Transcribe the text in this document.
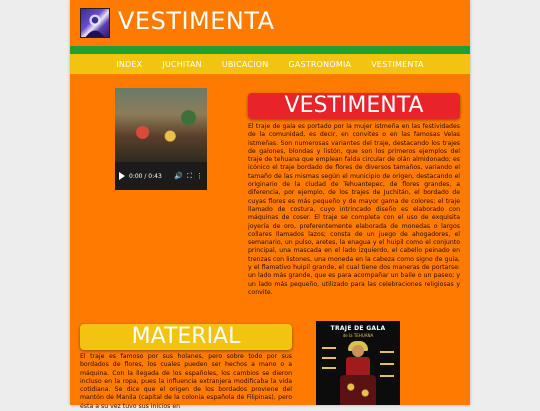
VESTIMENTA
INDEX	JUCHITAN	UBICACION	GASTRONOMIA	VESTIMENTA
0:00 / 0:43	🔊 ⛶ ⋮
VESTIMENTA

El traje de gala es portado por la mujer istmeña en las festividades de la comunidad, es decir, en convites o en las famosas Velas istmeñas. Son numerosas variantes del traje, destacando los trajes de galones, blondas y listón, que son los primeros ejemplos del traje de tehuana que emplean falda circular de olán almidonado; es icónico el traje bordado de flores de diversos tamaños, variando el tamaño de las mismas según el municipio de origen, destacando el originario de la ciudad de Tehuantepec, de flores grandes, a diferencia, por ejemplo, de los trajes de Juchitán, el bordado de cuyas flores es más pequeño y de mayor gama de colores; el traje llamado de costura, cuyo intrincado diseño es elaborado con máquinas de coser. El traje se completa con el uso de exquisita joyería de oro, preferentemente elaborada de monedas o largos collares llamados lazos; consta de un juego de ahogadores, el semanario, un pulso, aretes, la enagua y el huipil como el conjunto principal, una mascada en el lado izquierdo, el cabello peinado en trenzas con listones, una moneda en la cabeza como signo de guía, y el flamativo huipil grande, el cual tiene dos maneras de portarse: un lado más grande, que es para acompañar un baile o un paseo; y un lado más pequeño, utilizado para las celebraciones religiosas y convite.

MATERIAL

El traje es famoso por sus holanes, pero sobre todo por sus bordados de flores, los cuales pueden ser hechos a mano o a máquina. Con la llegada de los españoles, los cambios se dieron incluso en la ropa, pues la influencia extranjera modificaba la vida cotidiana. Se dice que el origen de los bordados proviene del mantón de Manila (capital de la colonia española de Filipinas), pero ésta a su vez tuvo sus inicios en

TRAJE DE GALA
de la TEHUANA
